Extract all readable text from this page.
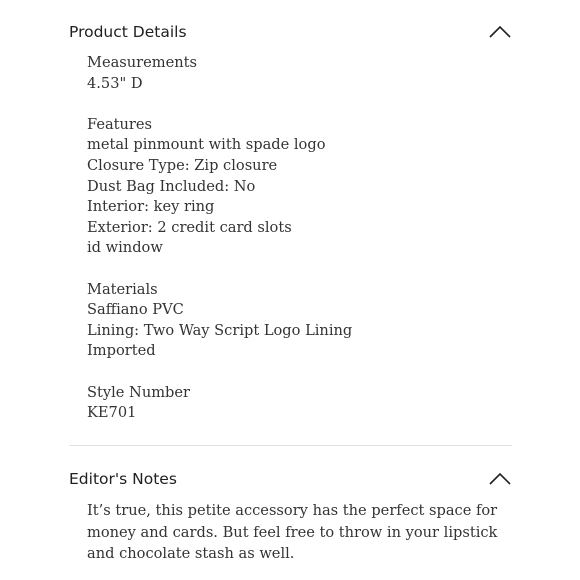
Product Details
Measurements
4.53" D
Features
metal pinmount with spade logo
Closure Type: Zip closure
Dust Bag Included: No
Interior: key ring
Exterior: 2 credit card slots
id window
Materials
Saffiano PVC
Lining: Two Way Script Logo Lining
Imported
Style Number
KE701
Editor's Notes

It’s true, this petite accessory has the perfect space for
money and cards. But feel free to throw in your lipstick
and chocolate stash as well.
